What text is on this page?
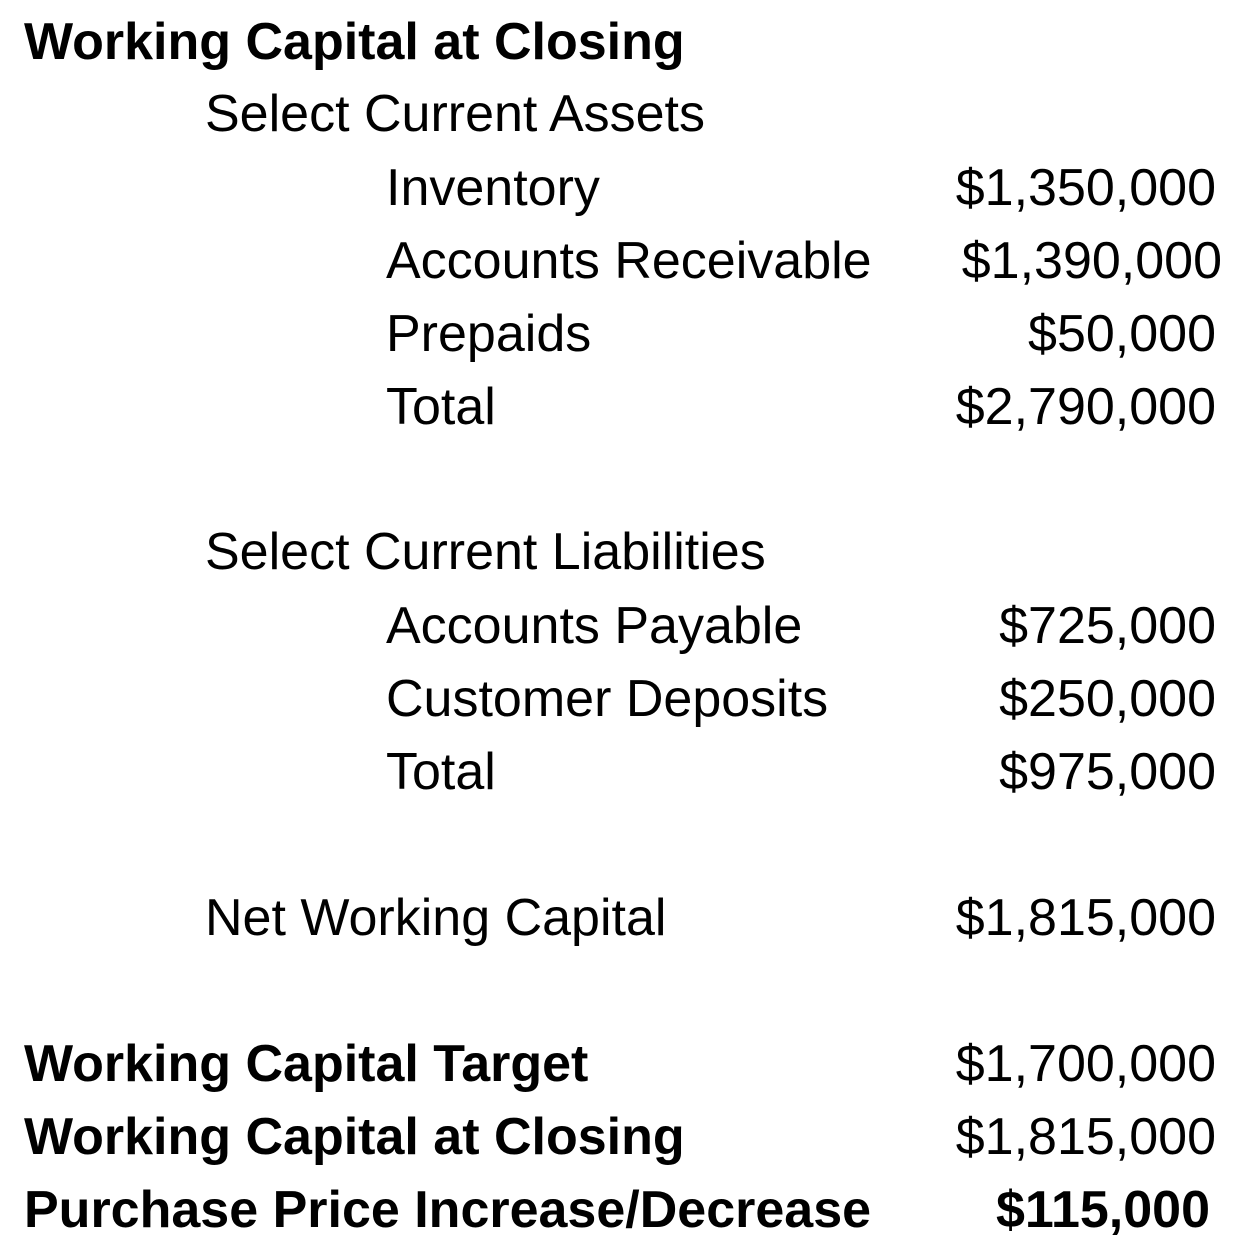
Working Capital at Closing
Select Current Assets
Inventory	$1,350,000
Accounts Receivable $1,390,000
Prepaids	$50,000
Total	$2,790,000
Select Current Liabilities
Accounts Payable	$725,000
Customer Deposits	$250,000
Total	$975,000
Net Working Capital	$1,815,000
Working Capital Target	$1,700,000
Working Capital at Closing	$1,815,000
Purchase Price Increase/Decrease $115,000
